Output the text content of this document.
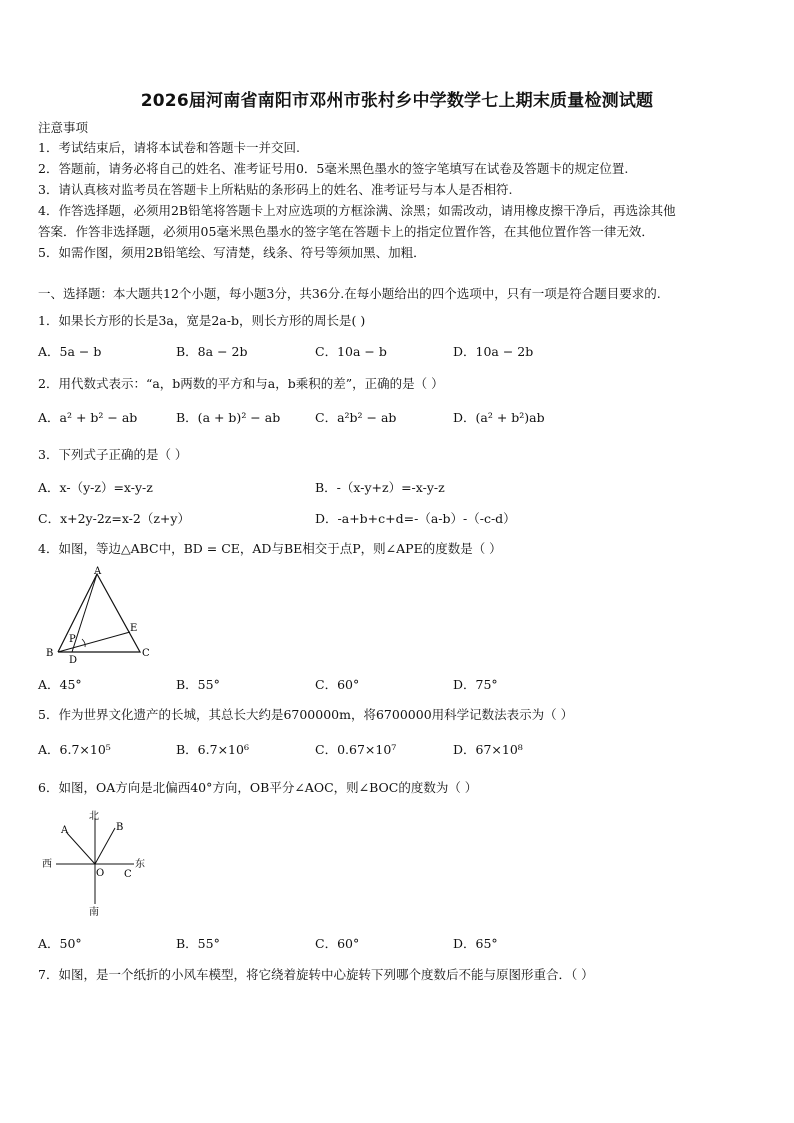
2026届河南省南阳市邓州市张村乡中学数学七上期末质量检测试题
注意事项
1．考试结束后，请将本试卷和答题卡一并交回.
2．答题前，请务必将自己的姓名、准考证号用0．5毫米黑色墨水的签字笔填写在试卷及答题卡的规定位置.
3．请认真核对监考员在答题卡上所粘贴的条形码上的姓名、准考证号与本人是否相符.
4．作答选择题，必须用2B铅笔将答题卡上对应选项的方框涂满、涂黑；如需改动，请用橡皮擦干净后，再选涂其他
答案．作答非选择题，必须用05毫米黑色墨水的签字笔在答题卡上的指定位置作答，在其他位置作答一律无效．
5．如需作图，须用2B铅笔绘、写清楚，线条、符号等须加黑、加粗．
一、选择题：本大题共12个小题，每小题3分，共36分.在每小题给出的四个选项中，只有一项是符合题目要求的.
1．如果长方形的长是3a，宽是2a-b，则长方形的周长是( )
A．5a − b	B．8a − 2b	C．10a − b	D．10a − 2b
2．用代数式表示：“a，b两数的平方和与a，b乘积的差”，正确的是（ ）
A．a² + b² − ab	B．(a + b)² − ab	C．a²b² − ab	D．(a² + b²)ab
3．下列式子正确的是（ ）
A．x-（y-z）=x-y-z	B．-（x-y+z）=-x-y-z
C．x+2y-2z=x-2（z+y）	D．-a+b+c+d=-（a-b）-（-c-d）
4．如图，等边△ABC中，BD = CE，AD与BE相交于点P，则∠APE的度数是（ ）
A
B	C
D
E
P
A．45°	B．55°	C．60°	D．75°
5．作为世界文化遗产的长城，其总长大约是6700000m，将6700000用科学记数法表示为（ ）
A．6.7×10⁵	B．6.7×10⁶	C．0.67×10⁷	D．67×10⁸
6．如图，OA方向是北偏西40°方向，OB平分∠AOC，则∠BOC的度数为（ ）
北
南
东
西
A	B
O C
A．50°	B．55°	C．60°	D．65°
7．如图，是一个纸折的小风车模型，将它绕着旋转中心旋转下列哪个度数后不能与原图形重合．（ ）
